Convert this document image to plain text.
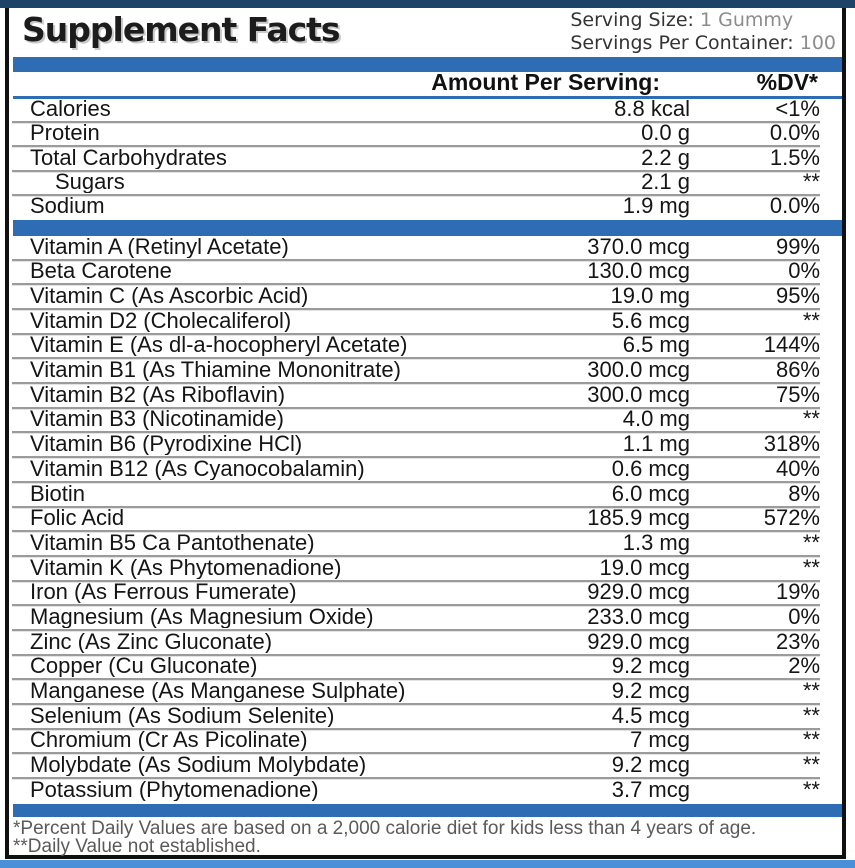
Supplement Facts	Serving Size: 1 Gummy
Servings Per Container: 100
Amount Per Serving:	%DV*
Calories	8.8 kcal	<1%
Protein	0.0 g	0.0%
Total Carbohydrates	2.2 g	1.5%
Sugars	2.1 g	**
Sodium	1.9 mg	0.0%
Vitamin A (Retinyl Acetate)	370.0 mcg	99%
Beta Carotene	130.0 mcg	0%
Vitamin C (As Ascorbic Acid)	19.0 mg	95%
Vitamin D2 (Cholecaliferol)	5.6 mcg	**
Vitamin E (As dl-a-hocopheryl Acetate)	6.5 mg	144%
Vitamin B1 (As Thiamine Mononitrate)	300.0 mcg	86%
Vitamin B2 (As Riboflavin)	300.0 mcg	75%
Vitamin B3 (Nicotinamide)	4.0 mg	**
Vitamin B6 (Pyrodixine HCl)	1.1 mg	318%
Vitamin B12 (As Cyanocobalamin)	0.6 mcg	40%
Biotin	6.0 mcg	8%
Folic Acid	185.9 mcg	572%
Vitamin B5 Ca Pantothenate)	1.3 mg	**
Vitamin K (As Phytomenadione)	19.0 mcg	**
Iron (As Ferrous Fumerate)	929.0 mcg	19%
Magnesium (As Magnesium Oxide)	233.0 mcg	0%
Zinc (As Zinc Gluconate)	929.0 mcg	23%
Copper (Cu Gluconate)	9.2 mcg	2%
Manganese (As Manganese Sulphate)	9.2 mcg	**
Selenium (As Sodium Selenite)	4.5 mcg	**
Chromium (Cr As Picolinate)	7 mcg	**
Molybdate (As Sodium Molybdate)	9.2 mcg	**
Potassium (Phytomenadione)	3.7 mcg	**
*Percent Daily Values are based on a 2,000 calorie diet for kids less than 4 years of age.
**Daily Value not established.
